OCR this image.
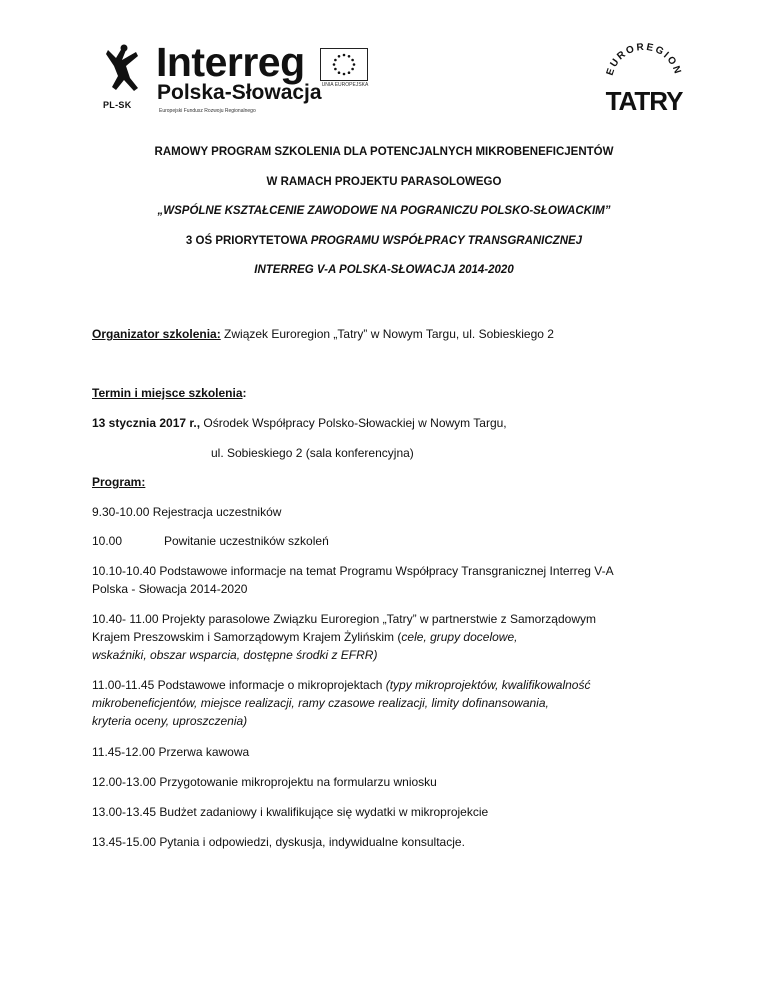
PL-SK
Interreg
Polska-Słowacja
Europejski Fundusz Rozwoju Regionalnego
UNIA EUROPEJSKA
EUROREGION
TATRY
RAMOWY PROGRAM SZKOLENIA DLA POTENCJALNYCH MIKROBENEFICJENTÓW
W RAMACH PROJEKTU PARASOLOWEGO
„WSPÓLNE KSZTAŁCENIE ZAWODOWE NA POGRANICZU POLSKO-SŁOWACKIM”
3 OŚ PRIORYTETOWA PROGRAMU WSPÓŁPRACY TRANSGRANICZNEJ
INTERREG V-A POLSKA-SŁOWACJA 2014-2020
Organizator szkolenia: Związek Euroregion „Tatry” w Nowym Targu, ul. Sobieskiego 2
Termin i miejsce szkolenia:
13 stycznia 2017 r., Ośrodek Współpracy Polsko-Słowackiej w Nowym Targu,
ul. Sobieskiego 2 (sala konferencyjna)
Program:
9.30-10.00 Rejestracja uczestników
10.00	Powitanie uczestników szkoleń
10.10-10.40 Podstawowe informacje na temat Programu Współpracy Transgranicznej Interreg V-A
Polska - Słowacja 2014-2020
10.40- 11.00 Projekty parasolowe Związku Euroregion „Tatry” w partnerstwie z Samorządowym
Krajem Preszowskim i Samorządowym Krajem Żylińskim (cele, grupy docelowe,
wskaźniki, obszar wsparcia, dostępne środki z EFRR)
11.00-11.45 Podstawowe informacje o mikroprojektach (typy mikroprojektów, kwalifikowalność
mikrobeneficjentów, miejsce realizacji, ramy czasowe realizacji, limity dofinansowania,
kryteria oceny, uproszczenia)
11.45-12.00 Przerwa kawowa
12.00-13.00 Przygotowanie mikroprojektu na formularzu wniosku
13.00-13.45 Budżet zadaniowy i kwalifikujące się wydatki w mikroprojekcie
13.45-15.00 Pytania i odpowiedzi, dyskusja, indywidualne konsultacje.
